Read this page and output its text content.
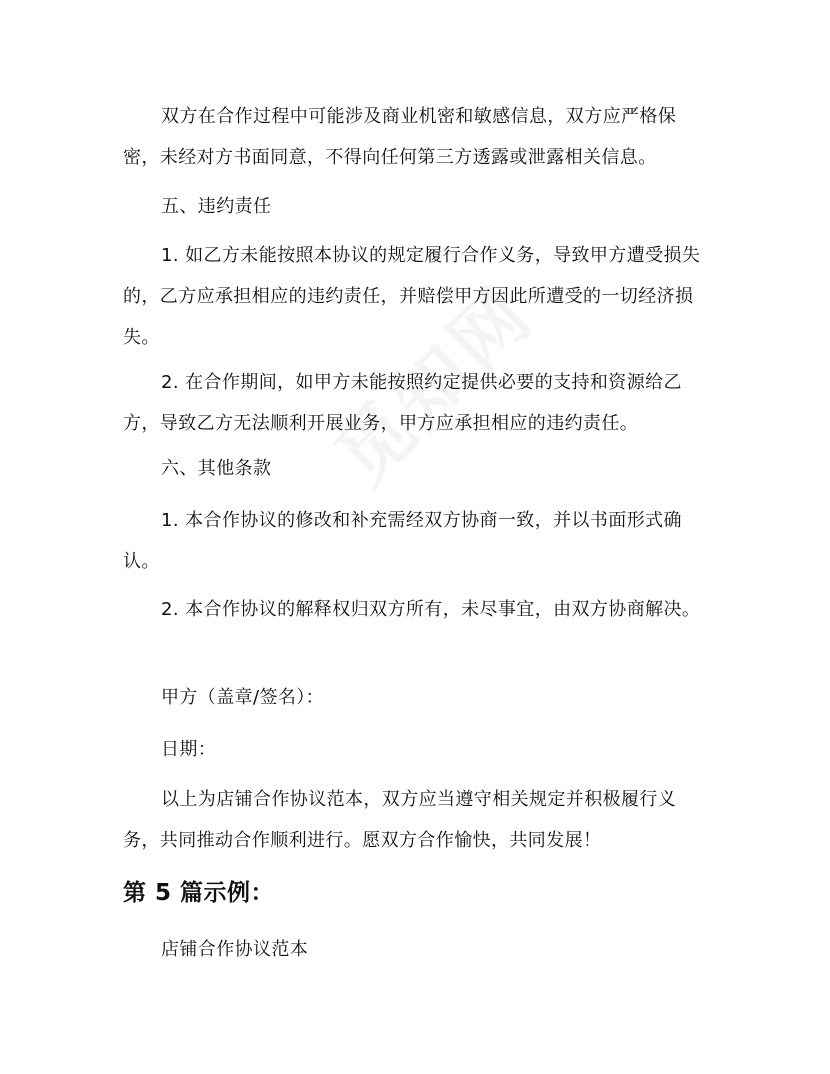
双方在合作过程中可能涉及商业机密和敏感信息，双方应严格保密，未经对方书面同意，不得向任何第三方透露或泄露相关信息。

五、违约责任

1. 如乙方未能按照本协议的规定履行合作义务，导致甲方遭受损失的，乙方应承担相应的违约责任，并赔偿甲方因此所遭受的一切经济损失。

2. 在合作期间，如甲方未能按照约定提供必要的支持和资源给乙方，导致乙方无法顺利开展业务，甲方应承担相应的违约责任。

六、其他条款

1. 本合作协议的修改和补充需经双方协商一致，并以书面形式确认。

2. 本合作协议的解释权归双方所有，未尽事宜，由双方协商解决。

甲方（盖章/签名）：

日期：

以上为店铺合作协议范本，双方应当遵守相关规定并积极履行义务，共同推动合作顺利进行。愿双方合作愉快，共同发展！

第 5 篇示例：

店铺合作协议范本
